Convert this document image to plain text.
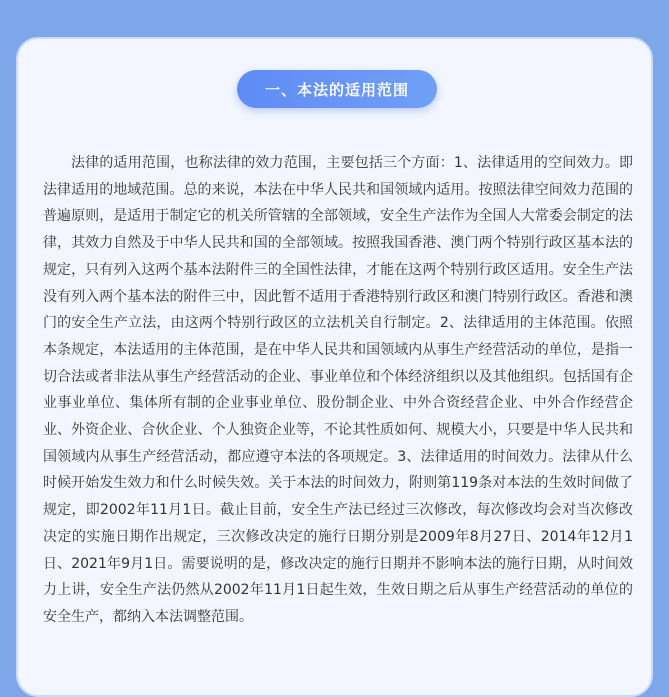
一、本法的适用范围

法律的适用范围，也称法律的效力范围，主要包括三个方面：1、法律适用的空间效力。即法律适用的地域范围。总的来说，本法在中华人民共和国领域内适用。按照法律空间效力范围的普遍原则，是适用于制定它的机关所管辖的全部领域，安全生产法作为全国人大常委会制定的法律，其效力自然及于中华人民共和国的全部领域。按照我国香港、澳门两个特别行政区基本法的规定，只有列入这两个基本法附件三的全国性法律，才能在这两个特别行政区适用。安全生产法没有列入两个基本法的附件三中，因此暂不适用于香港特别行政区和澳门特别行政区。香港和澳门的安全生产立法，由这两个特别行政区的立法机关自行制定。2、法律适用的主体范围。依照本条规定，本法适用的主体范围，是在中华人民共和国领域内从事生产经营活动的单位，是指一切合法或者非法从事生产经营活动的企业、事业单位和个体经济组织以及其他组织。包括国有企业事业单位、集体所有制的企业事业单位、股份制企业、中外合资经营企业、中外合作经营企业、外资企业、合伙企业、个人独资企业等，不论其性质如何、规模大小，只要是中华人民共和国领域内从事生产经营活动，都应遵守本法的各项规定。3、法律适用的时间效力。法律从什么时候开始发生效力和什么时候失效。关于本法的时间效力，附则第119条对本法的生效时间做了规定，即2002年11月1日。截止目前，安全生产法已经过三次修改，每次修改均会对当次修改决定的实施日期作出规定，三次修改决定的施行日期分别是2009年8月27日、2014年12月1日、2021年9月1日。需要说明的是，修改决定的施行日期并不影响本法的施行日期，从时间效力上讲，安全生产法仍然从2002年11月1日起生效，生效日期之后从事生产经营活动的单位的安全生产，都纳入本法调整范围。
